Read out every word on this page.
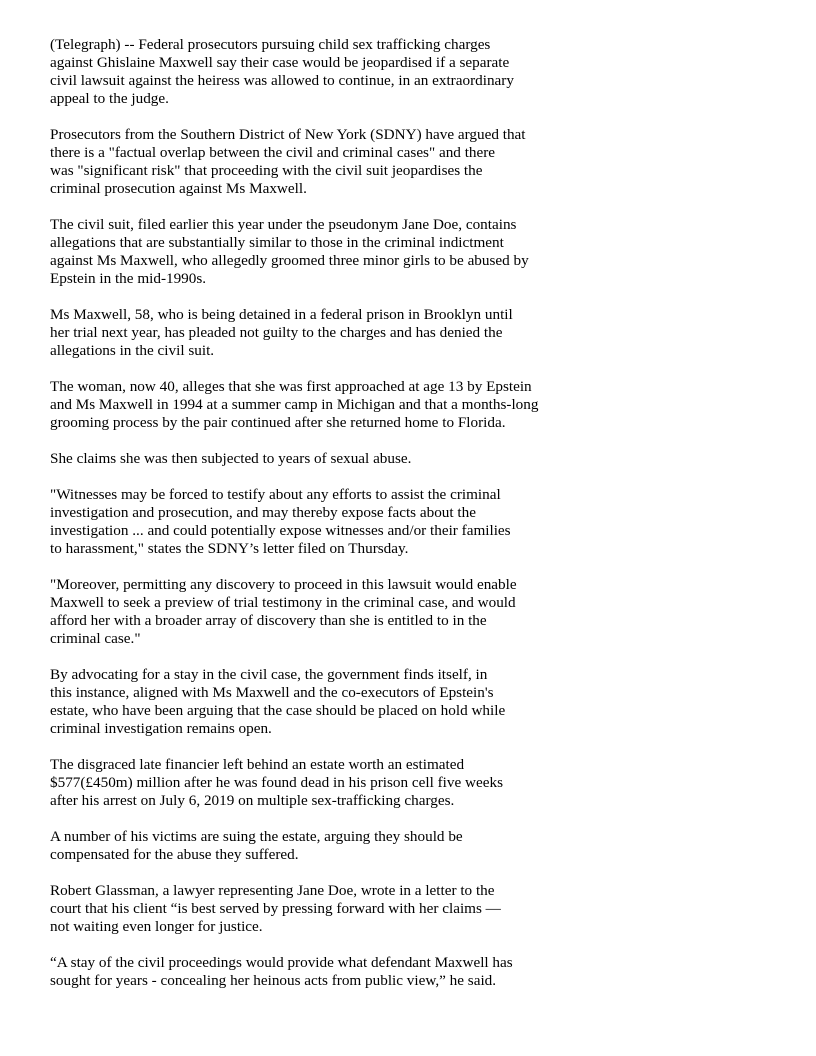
(Telegraph) -- Federal prosecutors pursuing child sex trafficking charges
against Ghislaine Maxwell say their case would be jeopardised if a separate
civil lawsuit against the heiress was allowed to continue, in an extraordinary
appeal to the judge.

Prosecutors from the Southern District of New York (SDNY) have argued that
there is a "factual overlap between the civil and criminal cases" and there
was "significant risk" that proceeding with the civil suit jeopardises the
criminal prosecution against Ms Maxwell.

The civil suit, filed earlier this year under the pseudonym Jane Doe, contains
allegations that are substantially similar to those in the criminal indictment
against Ms Maxwell, who allegedly groomed three minor girls to be abused by
Epstein in the mid-1990s.

Ms Maxwell, 58, who is being detained in a federal prison in Brooklyn until
her trial next year, has pleaded not guilty to the charges and has denied the
allegations in the civil suit.

The woman, now 40, alleges that she was first approached at age 13 by Epstein
and Ms Maxwell in 1994 at a summer camp in Michigan and that a months-long
grooming process by the pair continued after she returned home to Florida.

She claims she was then subjected to years of sexual abuse.

"Witnesses may be forced to testify about any efforts to assist the criminal
investigation and prosecution, and may thereby expose facts about the
investigation ... and could potentially expose witnesses and/or their families
to harassment," states the SDNY’s letter filed on Thursday.

"Moreover, permitting any discovery to proceed in this lawsuit would enable
Maxwell to seek a preview of trial testimony in the criminal case, and would
afford her with a broader array of discovery than she is entitled to in the
criminal case."

By advocating for a stay in the civil case, the government finds itself, in
this instance, aligned with Ms Maxwell and the co-executors of Epstein's
estate, who have been arguing that the case should be placed on hold while
criminal investigation remains open.

The disgraced late financier left behind an estate worth an estimated
$577(£450m) million after he was found dead in his prison cell five weeks
after his arrest on July 6, 2019 on multiple sex-trafficking charges.

A number of his victims are suing the estate, arguing they should be
compensated for the abuse they suffered.

Robert Glassman, a lawyer representing Jane Doe, wrote in a letter to the
court that his client “is best served by pressing forward with her claims —
not waiting even longer for justice.

“A stay of the civil proceedings would provide what defendant Maxwell has
sought for years - concealing her heinous acts from public view,” he said.
